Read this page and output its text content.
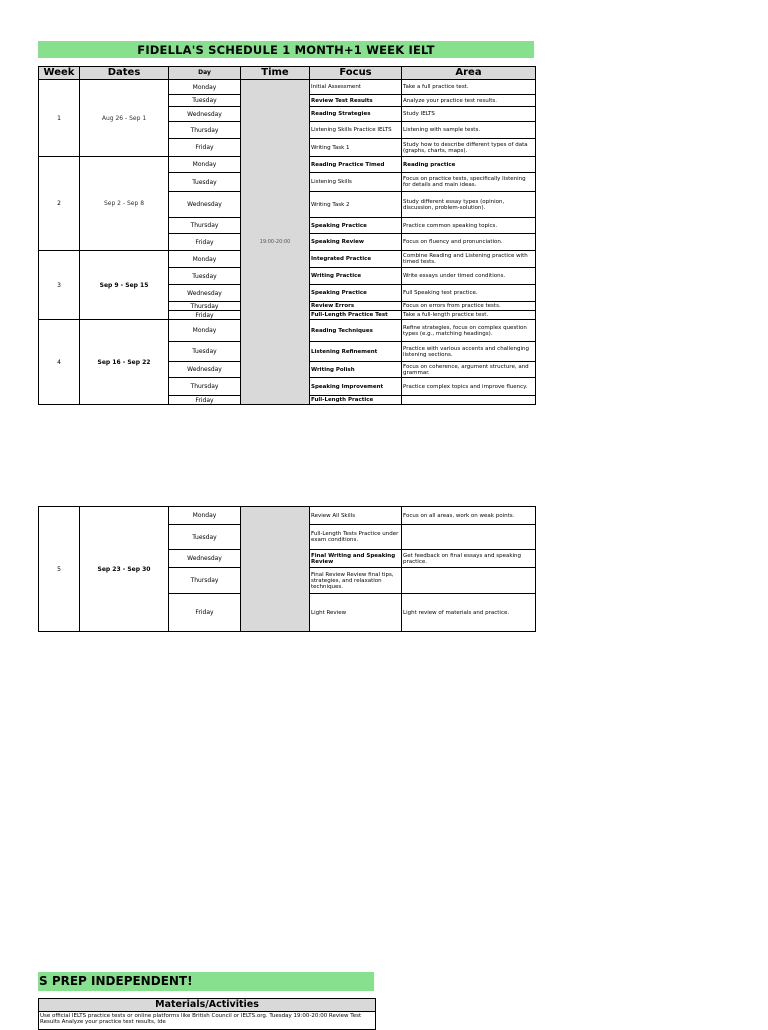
FIDELLA'S SCHEDULE 1 MONTH+1 WEEK IELT
Week	Dates	Day	Time	Focus	Area
1	Aug 26 - Sep 1	Monday	19:00-20:00	Initial Assessment	Take a full practice test.
		Tuesday		Review Test Results	Analyze your practice test results.
		Wednesday		Reading Strategies	Study IELTS
		Thursday		Listening Skills Practice IELTS	Listening with sample tests.
		Friday		Writing Task 1	Study how to describe different types of data (graphs, charts, maps).
2	Sep 2 - Sep 8	Monday		Reading Practice Timed	Reading practice
		Tuesday		Listening Skills	Focus on practice tests, specifically listening for details and main ideas.
		Wednesday		Writing Task 2	Study different essay types (opinion, discussion, problem-solution).
		Thursday		Speaking Practice	Practice common speaking topics.
		Friday		Speaking Review	Focus on fluency and pronunciation.
3	Sep 9 - Sep 15	Monday		Integrated Practice	Combine Reading and Listening practice with timed tests.
		Tuesday		Writing Practice	Write essays under timed conditions.
		Wednesday		Speaking Practice	Full Speaking test practice.
		Thursday		Review Errors	Focus on errors from practice tests.
		Friday		Full-Length Practice Test	Take a full-length practice test.
4	Sep 16 - Sep 22	Monday		Reading Techniques	Refine strategies, focus on complex question types (e.g., matching headings).
		Tuesday		Listening Refinement	Practice with various accents and challenging listening sections.
		Wednesday		Writing Polish	Focus on coherence, argument structure, and grammar.
		Thursday		Speaking Improvement	Practice complex topics and improve fluency.
		Friday		Full-Length Practice	
5	Sep 23 - Sep 30	Monday		Review All Skills	Focus on all areas, work on weak points.
		Tuesday		Full-Length Tests Practice under exam conditions.	
		Wednesday		Final Writing and Speaking Review	Get feedback on final essays and speaking practice.
		Thursday		Final Review Review final tips, strategies, and relaxation techniques.	
		Friday		Light Review	Light review of materials and practice.
S PREP INDEPENDENT!
Materials/Activities
Use official IELTS practice tests or online platforms like British Council or IELTS.org. Tuesday 19:00-20:00 Review Test Results Analyze your practice test results, ide
